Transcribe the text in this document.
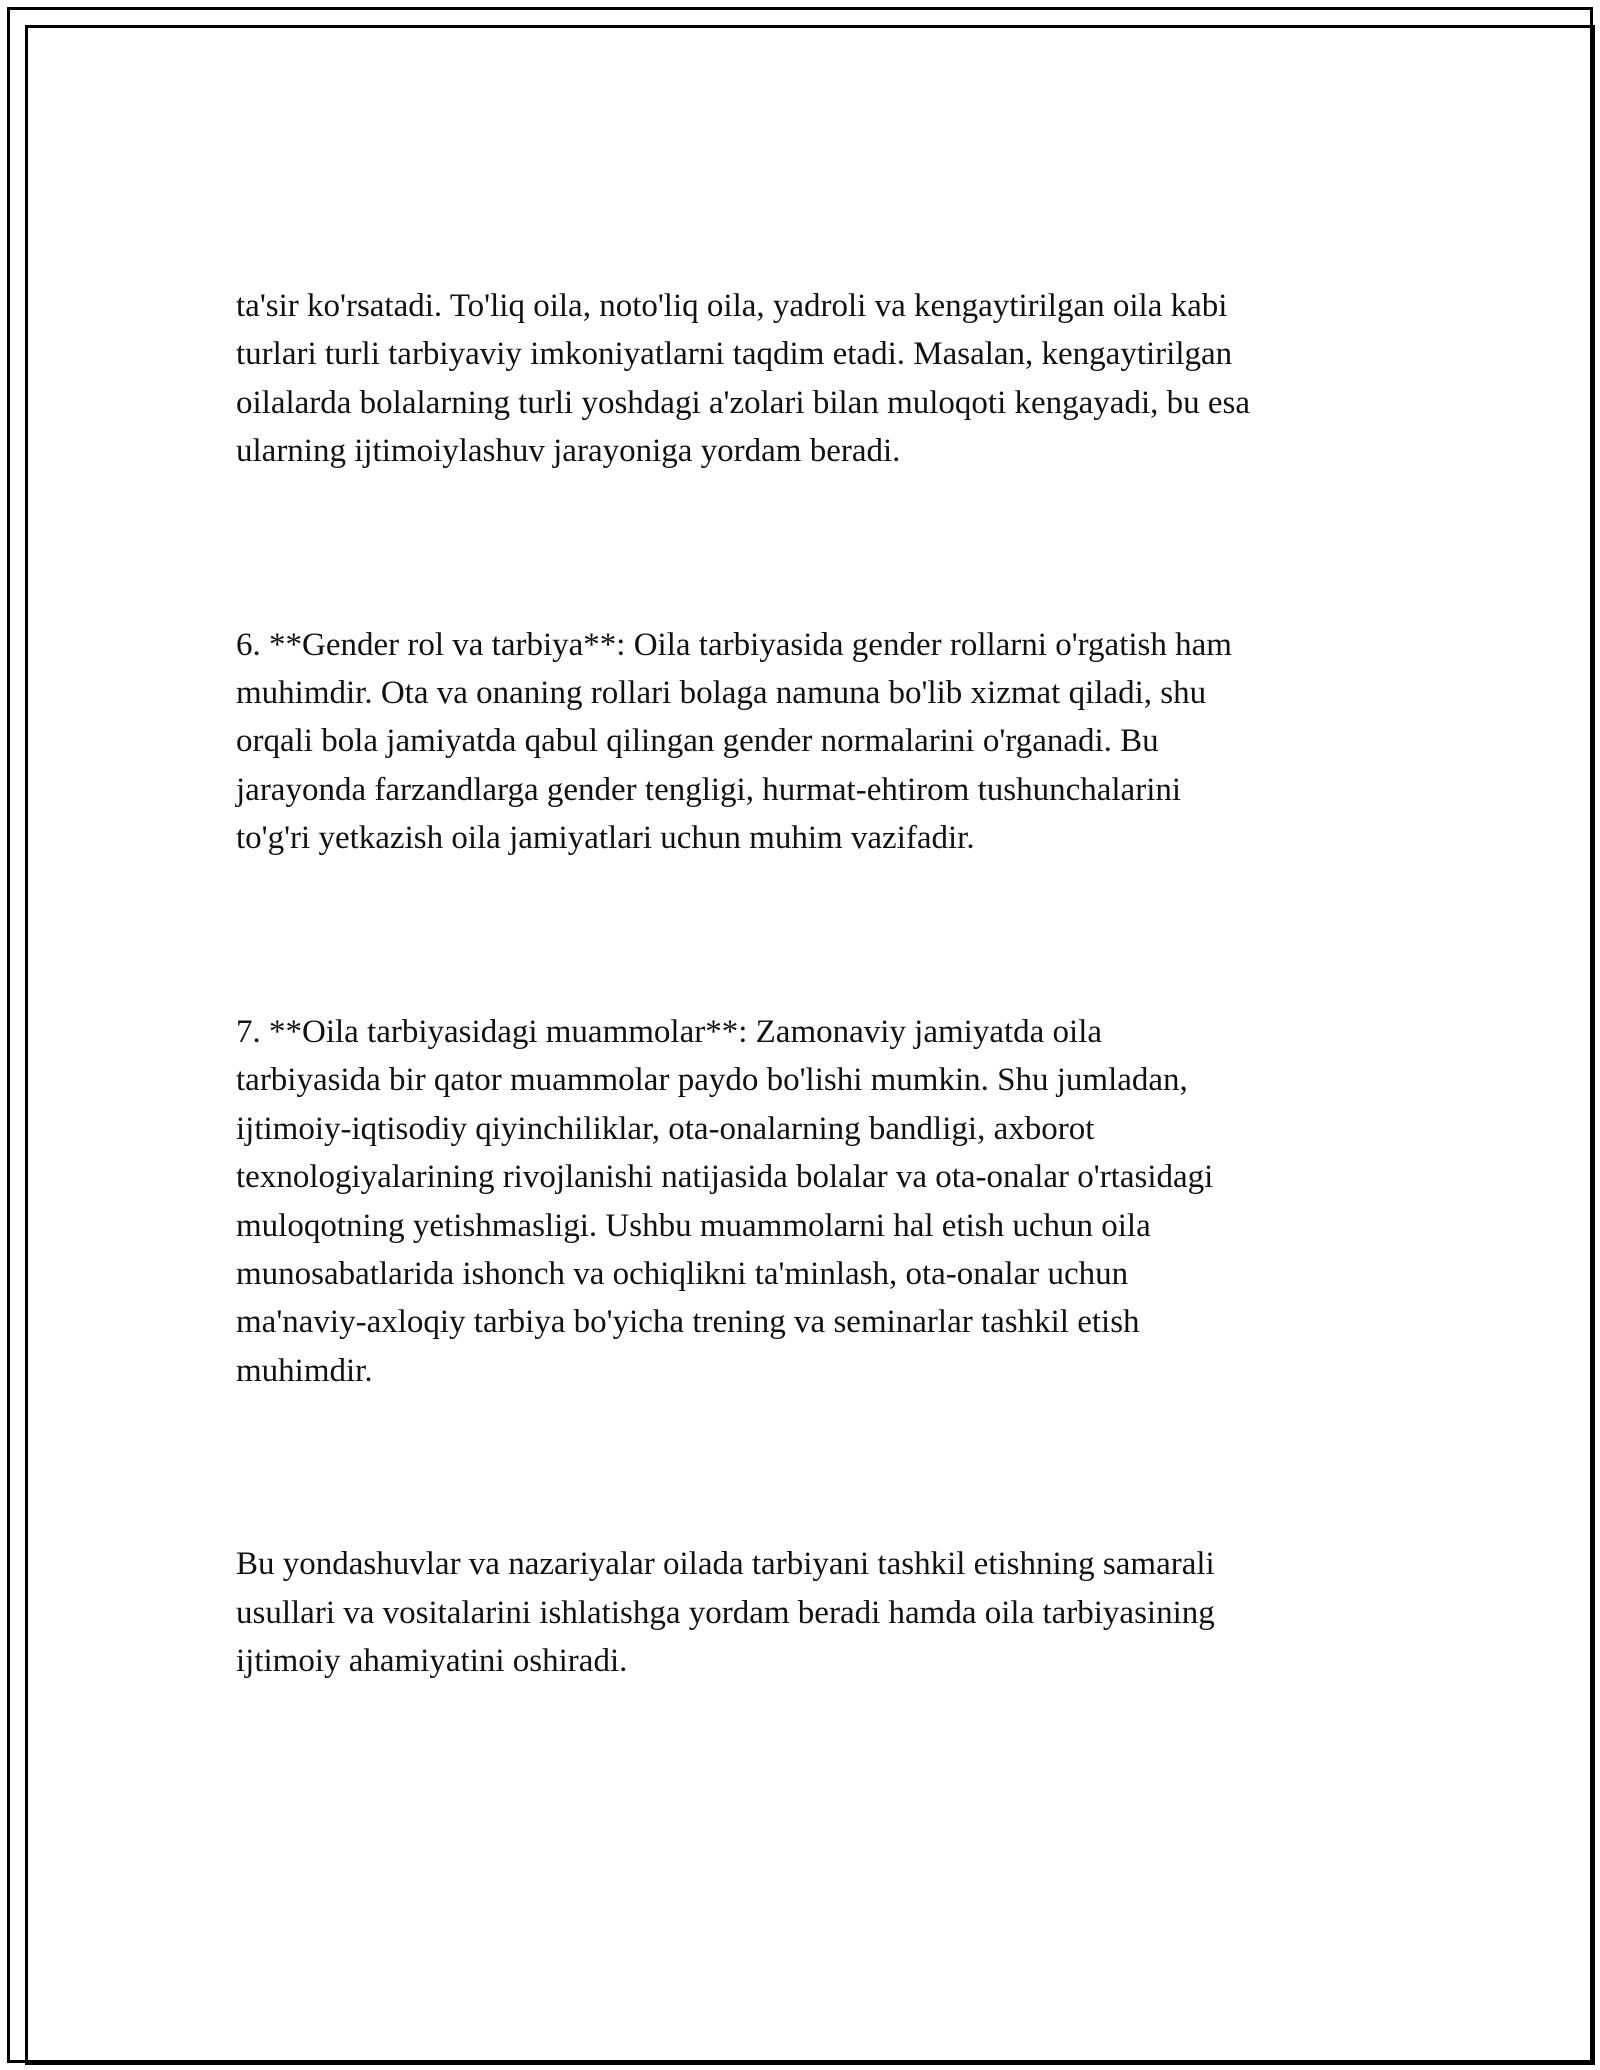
ta'sir ko'rsatadi. To'liq oila, noto'liq oila, yadroli va kengaytirilgan oila kabi
turlari turli tarbiyaviy imkoniyatlarni taqdim etadi. Masalan, kengaytirilgan
oilalarda bolalarning turli yoshdagi a'zolari bilan muloqoti kengayadi, bu esa
ularning ijtimoiylashuv jarayoniga yordam beradi.

6. **Gender rol va tarbiya**: Oila tarbiyasida gender rollarni o'rgatish ham
muhimdir. Ota va onaning rollari bolaga namuna bo'lib xizmat qiladi, shu
orqali bola jamiyatda qabul qilingan gender normalarini o'rganadi. Bu
jarayonda farzandlarga gender tengligi, hurmat-ehtirom tushunchalarini
to'g'ri yetkazish oila jamiyatlari uchun muhim vazifadir.

7. **Oila tarbiyasidagi muammolar**: Zamonaviy jamiyatda oila
tarbiyasida bir qator muammolar paydo bo'lishi mumkin. Shu jumladan,
ijtimoiy-iqtisodiy qiyinchiliklar, ota-onalarning bandligi, axborot
texnologiyalarining rivojlanishi natijasida bolalar va ota-onalar o'rtasidagi
muloqotning yetishmasligi. Ushbu muammolarni hal etish uchun oila
munosabatlarida ishonch va ochiqlikni ta'minlash, ota-onalar uchun
ma'naviy-axloqiy tarbiya bo'yicha trening va seminarlar tashkil etish
muhimdir.

Bu yondashuvlar va nazariyalar oilada tarbiyani tashkil etishning samarali
usullari va vositalarini ishlatishga yordam beradi hamda oila tarbiyasining
ijtimoiy ahamiyatini oshiradi.
